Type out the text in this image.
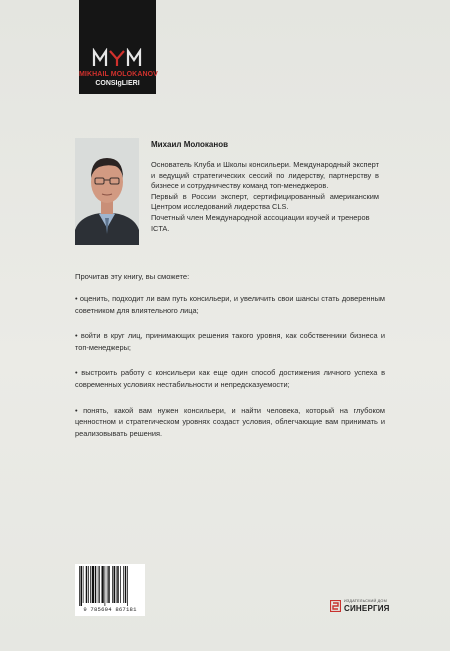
MIKHAIL MOLOKANOV
CONSIgLIERI
Михаил Молоканов

Основатель Клуба и Школы консильери. Международный эксперт и ведущий стратегических сессий по лидерству, партнерству в бизнесе и сотрудничеству команд топ-менеджеров.

Первый в России эксперт, сертифицированный американским Центром исследований лидерства CLS.

Почетный член Международной ассоциации коучей и тренеров ICTA.

Прочитав эту книгу, вы сможете:

• оценить, подходит ли вам путь консильери, и увеличить свои шансы стать доверенным советником для влиятельного лица;

• войти в круг лиц, принимающих решения такого уровня, как собственники бизнеса и топ-менеджеры;

• выстроить работу с консильери как еще один способ достижения личного успеха в современных условиях нестабильности и непредсказуемости;

• понять, какой вам нужен консильери, и найти человека, который на глубоком ценностном и стратегическом уровнях создаст условия, облегчающие вам принимать и реализовывать решения.

9 785604 867181
ИЗДАТЕЛЬСКИЙ ДОМ
СИНЕРГИЯ
